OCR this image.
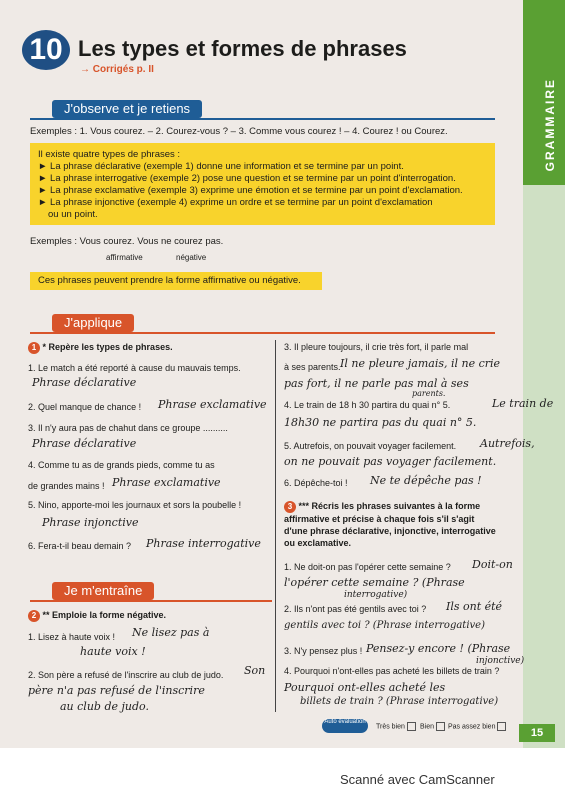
GRAMMAIRE
10 Les types et formes de phrases
→ Corrigés p. II
J'observe et je retiens
Exemples : 1. Vous courez. – 2. Courez-vous ? – 3. Comme vous courez ! – 4. Courez ! ou Courez.
Il existe quatre types de phrases :
► La phrase déclarative (exemple 1) donne une information et se termine par un point.
► La phrase interrogative (exemple 2) pose une question et se termine par un point d'interrogation.
► La phrase exclamative (exemple 3) exprime une émotion et se termine par un point d'exclamation.
► La phrase injonctive (exemple 4) exprime un ordre et se termine par un point d'exclamation
ou un point.
Exemples : Vous courez. Vous ne courez pas.
affirmative	négative
Ces phrases peuvent prendre la forme affirmative ou négative.
J'applique
1 * Repère les types de phrases.
1. Le match a été reporté à cause du mauvais temps.
Phrase déclarative
2. Quel manque de chance ! Phrase exclamative
3. Il n'y aura pas de chahut dans ce groupe ..........
Phrase déclarative
4. Comme tu as de grands pieds, comme tu as
de grandes mains ! Phrase exclamative
5. Nino, apporte-moi les journaux et sors la poubelle !
Phrase injonctive
6. Fera-t-il beau demain ? Phrase interrogative
Je m'entraîne
2 ** Emploie la forme négative.
1. Lisez à haute voix ! Ne lisez pas à
haute voix !
2. Son père a refusé de l'inscrire au club de judo. Son
père n'a pas refusé de l'inscrire
au club de judo.
3. Il pleure toujours, il crie très fort, il parle mal
à ses parents. Il ne pleure jamais, il ne crie
pas fort, il ne parle pas mal à ses
parents.
4. Le train de 18 h 30 partira du quai n° 5.	Le train de
18h30 ne partira pas du quai n° 5.
5. Autrefois, on pouvait voyager facilement. Autrefois,
on ne pouvait pas voyager facilement.
6. Dépêche-toi ! Ne te dépêche pas !
3 *** Récris les phrases suivantes à la forme
affirmative et précise à chaque fois s'il s'agit
d'une phrase déclarative, injonctive, interrogative
ou exclamative.
1. Ne doit-on pas l'opérer cette semaine ? Doit-on
l'opérer cette semaine ? (Phrase
interrogative)
2. Ils n'ont pas été gentils avec toi ? Ils ont été
gentils avec toi ? (Phrase interrogative)
3. N'y pensez plus ! Pensez-y encore ! (Phrase
injonctive)
4. Pourquoi n'ont-elles pas acheté les billets de train ?
Pourquoi ont-elles acheté les
billets de train ? (Phrase interrogative)
Auto évaluation
Très bien	Bien	Pas assez bien
15
Scanné avec CamScanner
